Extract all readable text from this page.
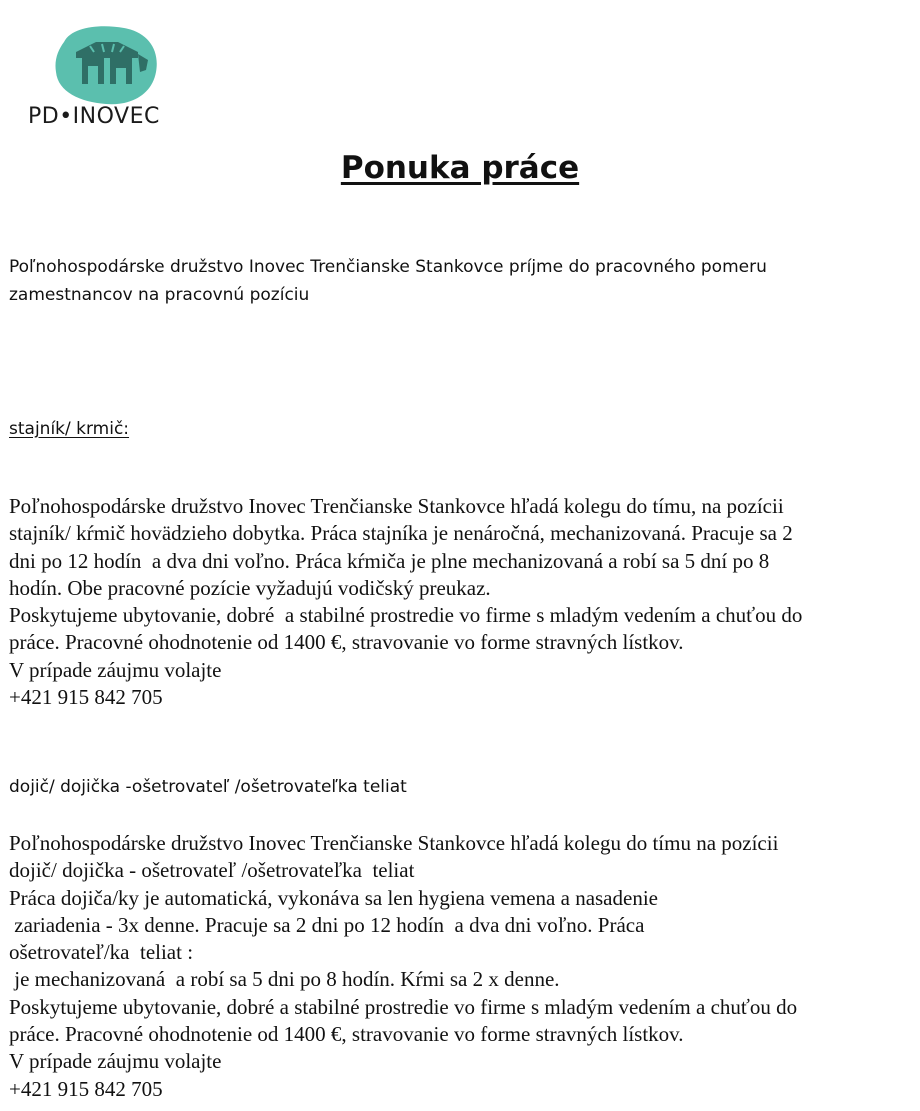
PD•INOVEC
Ponuka práce

Poľnohospodárske družstvo Inovec Trenčianske Stankovce príjme do pracovného pomeru
zamestnancov na pracovnú pozíciu

stajník/ krmič:

Poľnohospodárske družstvo Inovec Trenčianske Stankovce hľadá kolegu do tímu, na pozícii
stajník/ kŕmič hovädzieho dobytka. Práca stajníka je nenáročná, mechanizovaná. Pracuje sa 2
dni po 12 hodín  a dva dni voľno. Práca kŕmiča je plne mechanizovaná a robí sa 5 dní po 8
hodín. Obe pracovné pozície vyžadujú vodičský preukaz.
Poskytujeme ubytovanie, dobré  a stabilné prostredie vo firme s mladým vedením a chuťou do
práce. Pracovné ohodnotenie od 1400 €, stravovanie vo forme stravných lístkov.
V prípade záujmu volajte
+421 915 842 705

dojič/ dojička -ošetrovateľ /ošetrovateľka teliat

Poľnohospodárske družstvo Inovec Trenčianske Stankovce hľadá kolegu do tímu na pozícii
dojič/ dojička - ošetrovateľ /ošetrovateľka  teliat
Práca dojiča/ky je automatická, vykonáva sa len hygiena vemena a nasadenie
zariadenia - 3x denne. Pracuje sa 2 dni po 12 hodín  a dva dni voľno. Práca
ošetrovateľ/ka  teliat :
je mechanizovaná  a robí sa 5 dni po 8 hodín. Kŕmi sa 2 x denne.
Poskytujeme ubytovanie, dobré a stabilné prostredie vo firme s mladým vedením a chuťou do
práce. Pracovné ohodnotenie od 1400 €, stravovanie vo forme stravných lístkov.
V prípade záujmu volajte
+421 915 842 705
